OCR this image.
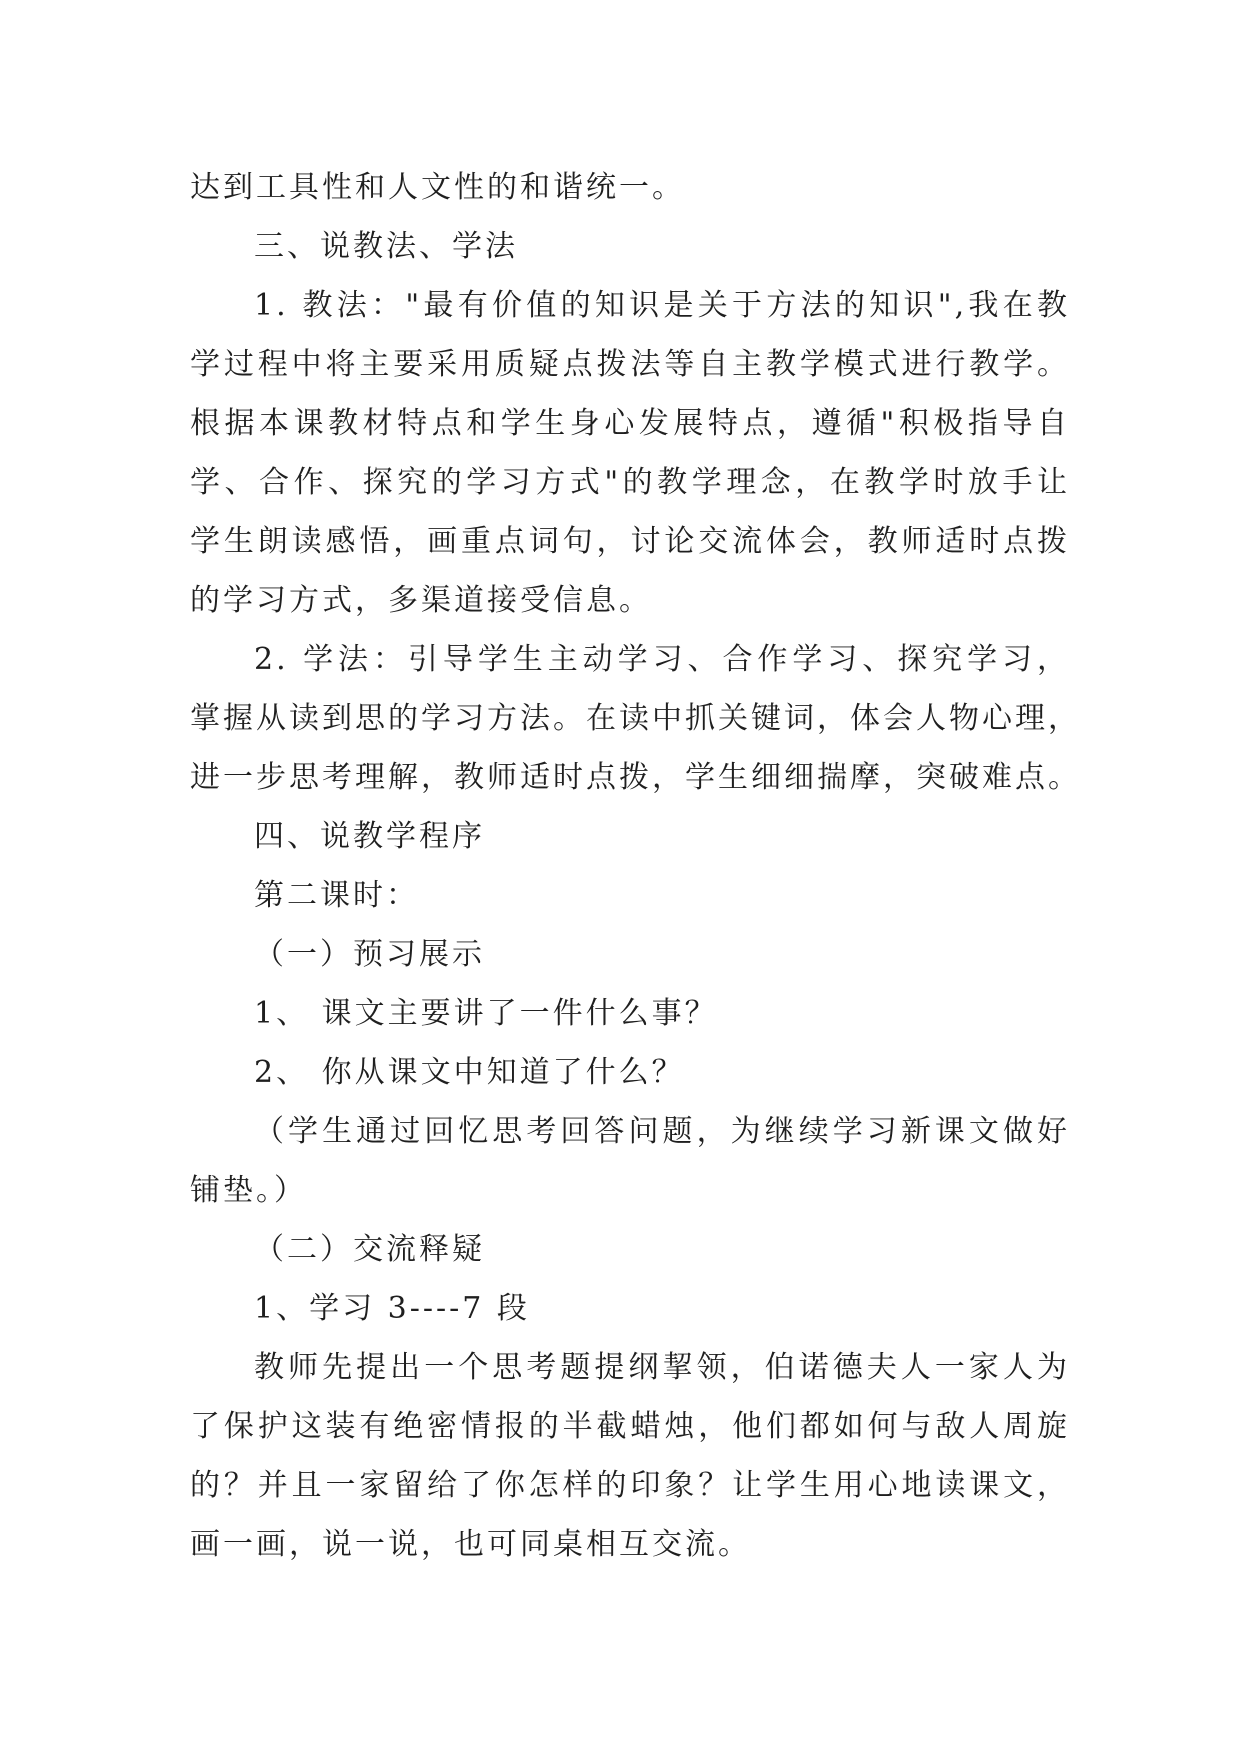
达到工具性和人文性的和谐统一。
三、说教法、学法
1. 教法："最有价值的知识是关于方法的知识",我在教
学过程中将主要采用质疑点拨法等自主教学模式进行教学。
根据本课教材特点和学生身心发展特点，遵循"积极指导自
学、合作、探究的学习方式"的教学理念，在教学时放手让
学生朗读感悟，画重点词句，讨论交流体会，教师适时点拨
的学习方式，多渠道接受信息。
2. 学法：引导学生主动学习、合作学习、探究学习，
掌握从读到思的学习方法。在读中抓关键词，体会人物心理，
进一步思考理解，教师适时点拨，学生细细揣摩，突破难点。
四、说教学程序
第二课时：
（一）预习展示
1、 课文主要讲了一件什么事？
2、 你从课文中知道了什么？
（学生通过回忆思考回答问题，为继续学习新课文做好
铺垫。）
（二）交流释疑
1、学习 3----7 段
教师先提出一个思考题提纲挈领，伯诺德夫人一家人为
了保护这装有绝密情报的半截蜡烛，他们都如何与敌人周旋
的？并且一家留给了你怎样的印象？让学生用心地读课文，
画一画，说一说，也可同桌相互交流。
